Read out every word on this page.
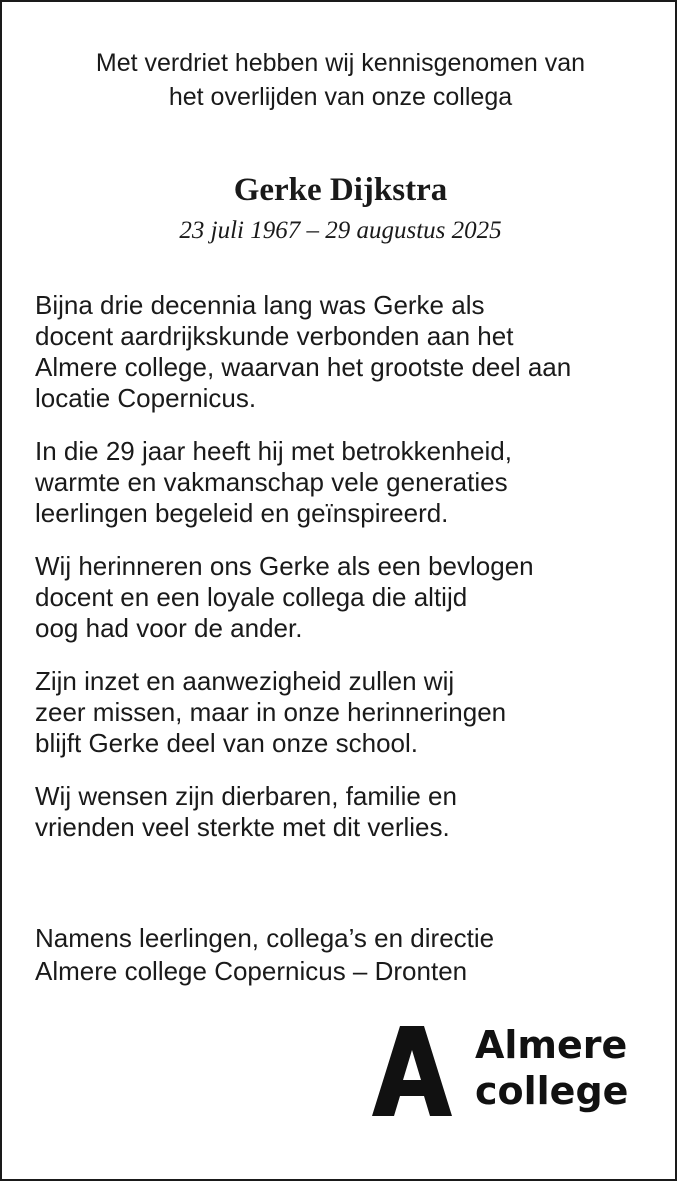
Met verdriet hebben wij kennisgenomen van
het overlijden van onze collega
Gerke Dijkstra
23 juli 1967 – 29 augustus 2025
Bijna drie decennia lang was Gerke als
docent aardrijkskunde verbonden aan het
Almere college, waarvan het grootste deel aan
locatie Copernicus.
In die 29 jaar heeft hij met betrokkenheid,
warmte en vakmanschap vele generaties
leerlingen begeleid en geïnspireerd.
Wij herinneren ons Gerke als een bevlogen
docent en een loyale collega die altijd
oog had voor de ander.
Zijn inzet en aanwezigheid zullen wij
zeer missen, maar in onze herinneringen
blijft Gerke deel van onze school.
Wij wensen zijn dierbaren, familie en
vrienden veel sterkte met dit verlies.
Namens leerlingen, collega’s en directie
Almere college Copernicus – Dronten
Almere
college
